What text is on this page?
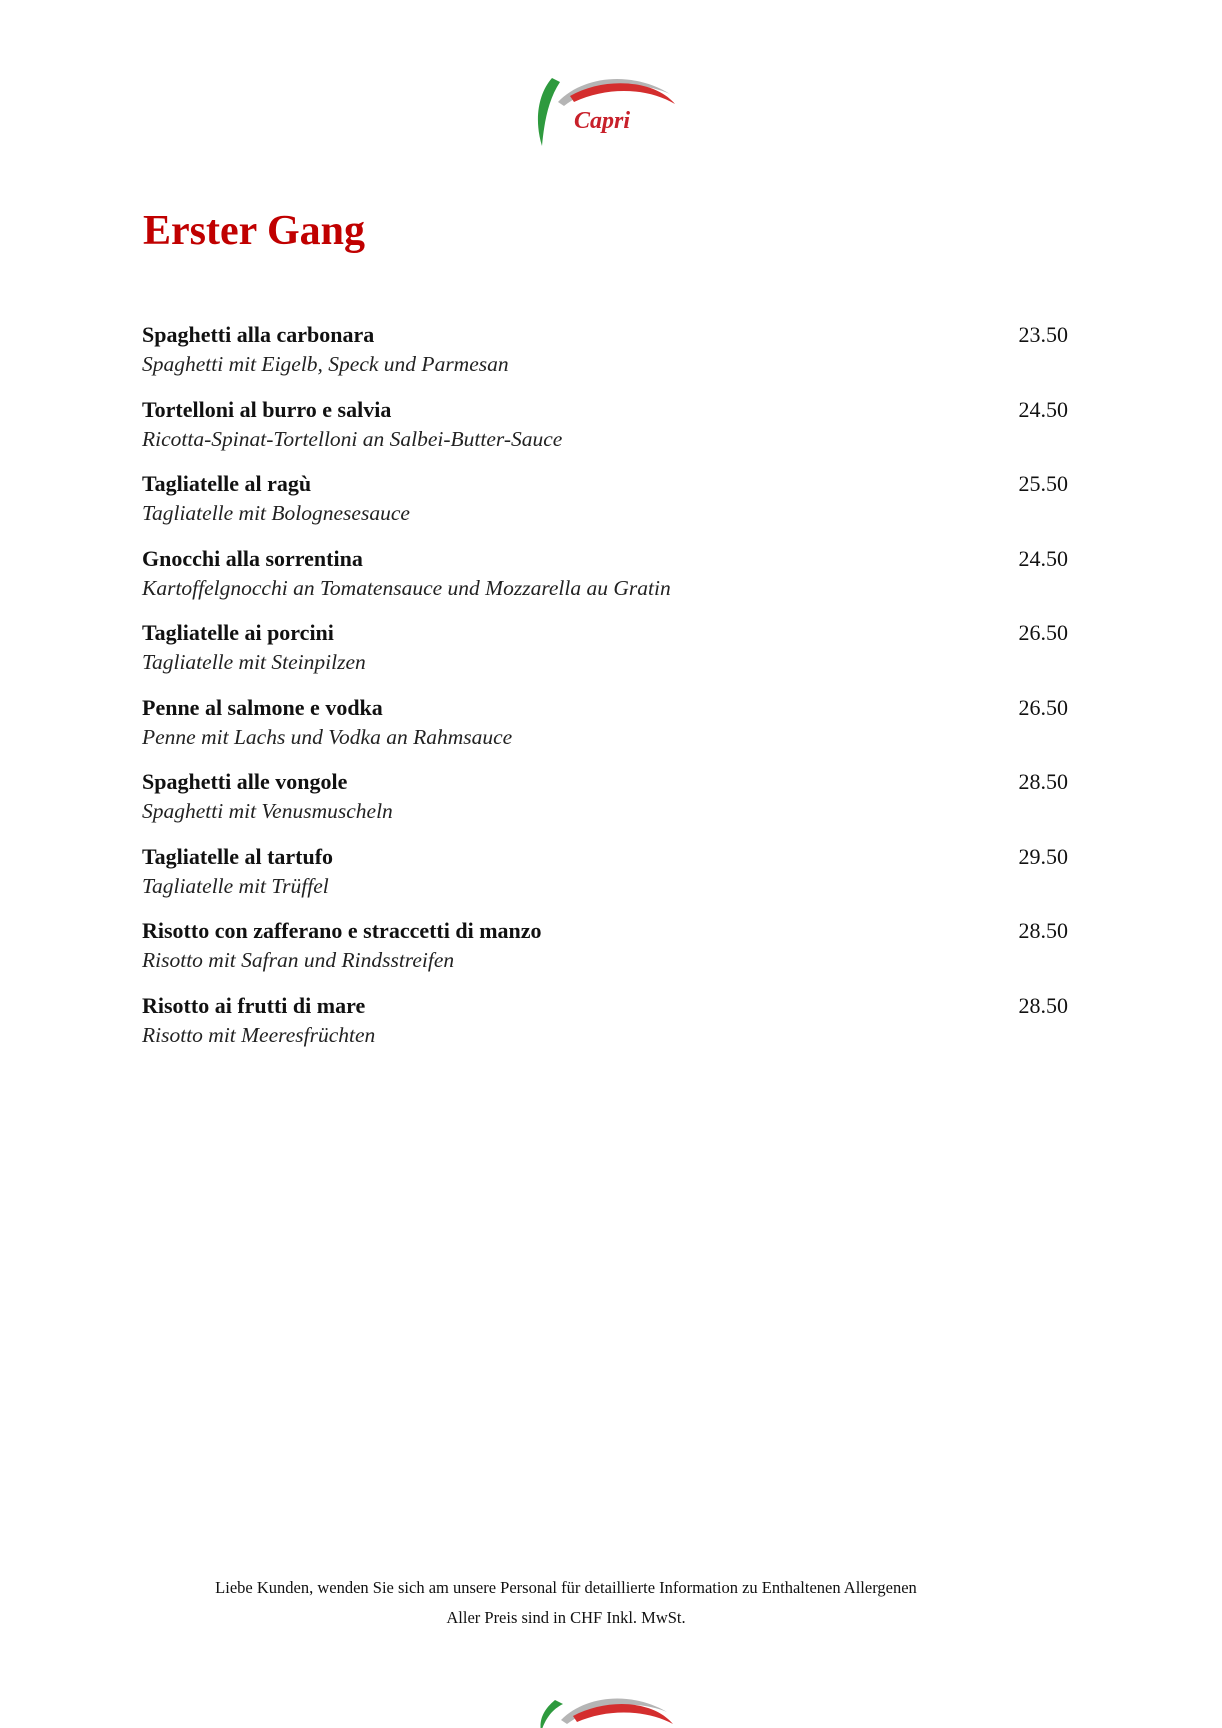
Capri
Erster Gang
Spaghetti alla carbonara
Spaghetti mit Eigelb, Speck und Parmesan
23.50
Tortelloni al burro e salvia
Ricotta-Spinat-Tortelloni an Salbei-Butter-Sauce
24.50
Tagliatelle al ragù
Tagliatelle mit Bolognesesauce
25.50
Gnocchi alla sorrentina
Kartoffelgnocchi an Tomatensauce und Mozzarella au Gratin
24.50
Tagliatelle ai porcini
Tagliatelle mit Steinpilzen
26.50
Penne al salmone e vodka
Penne mit Lachs und Vodka an Rahmsauce
26.50
Spaghetti alle vongole
Spaghetti mit Venusmuscheln
28.50
Tagliatelle al tartufo
Tagliatelle mit Trüffel
29.50
Risotto con zafferano e straccetti di manzo
Risotto mit Safran und Rindsstreifen
28.50
Risotto ai frutti di mare
Risotto mit Meeresfrüchten
28.50
Liebe Kunden, wenden Sie sich am unsere Personal für detaillierte Information zu Enthaltenen Allergenen
Aller Preis sind in CHF Inkl. MwSt.
